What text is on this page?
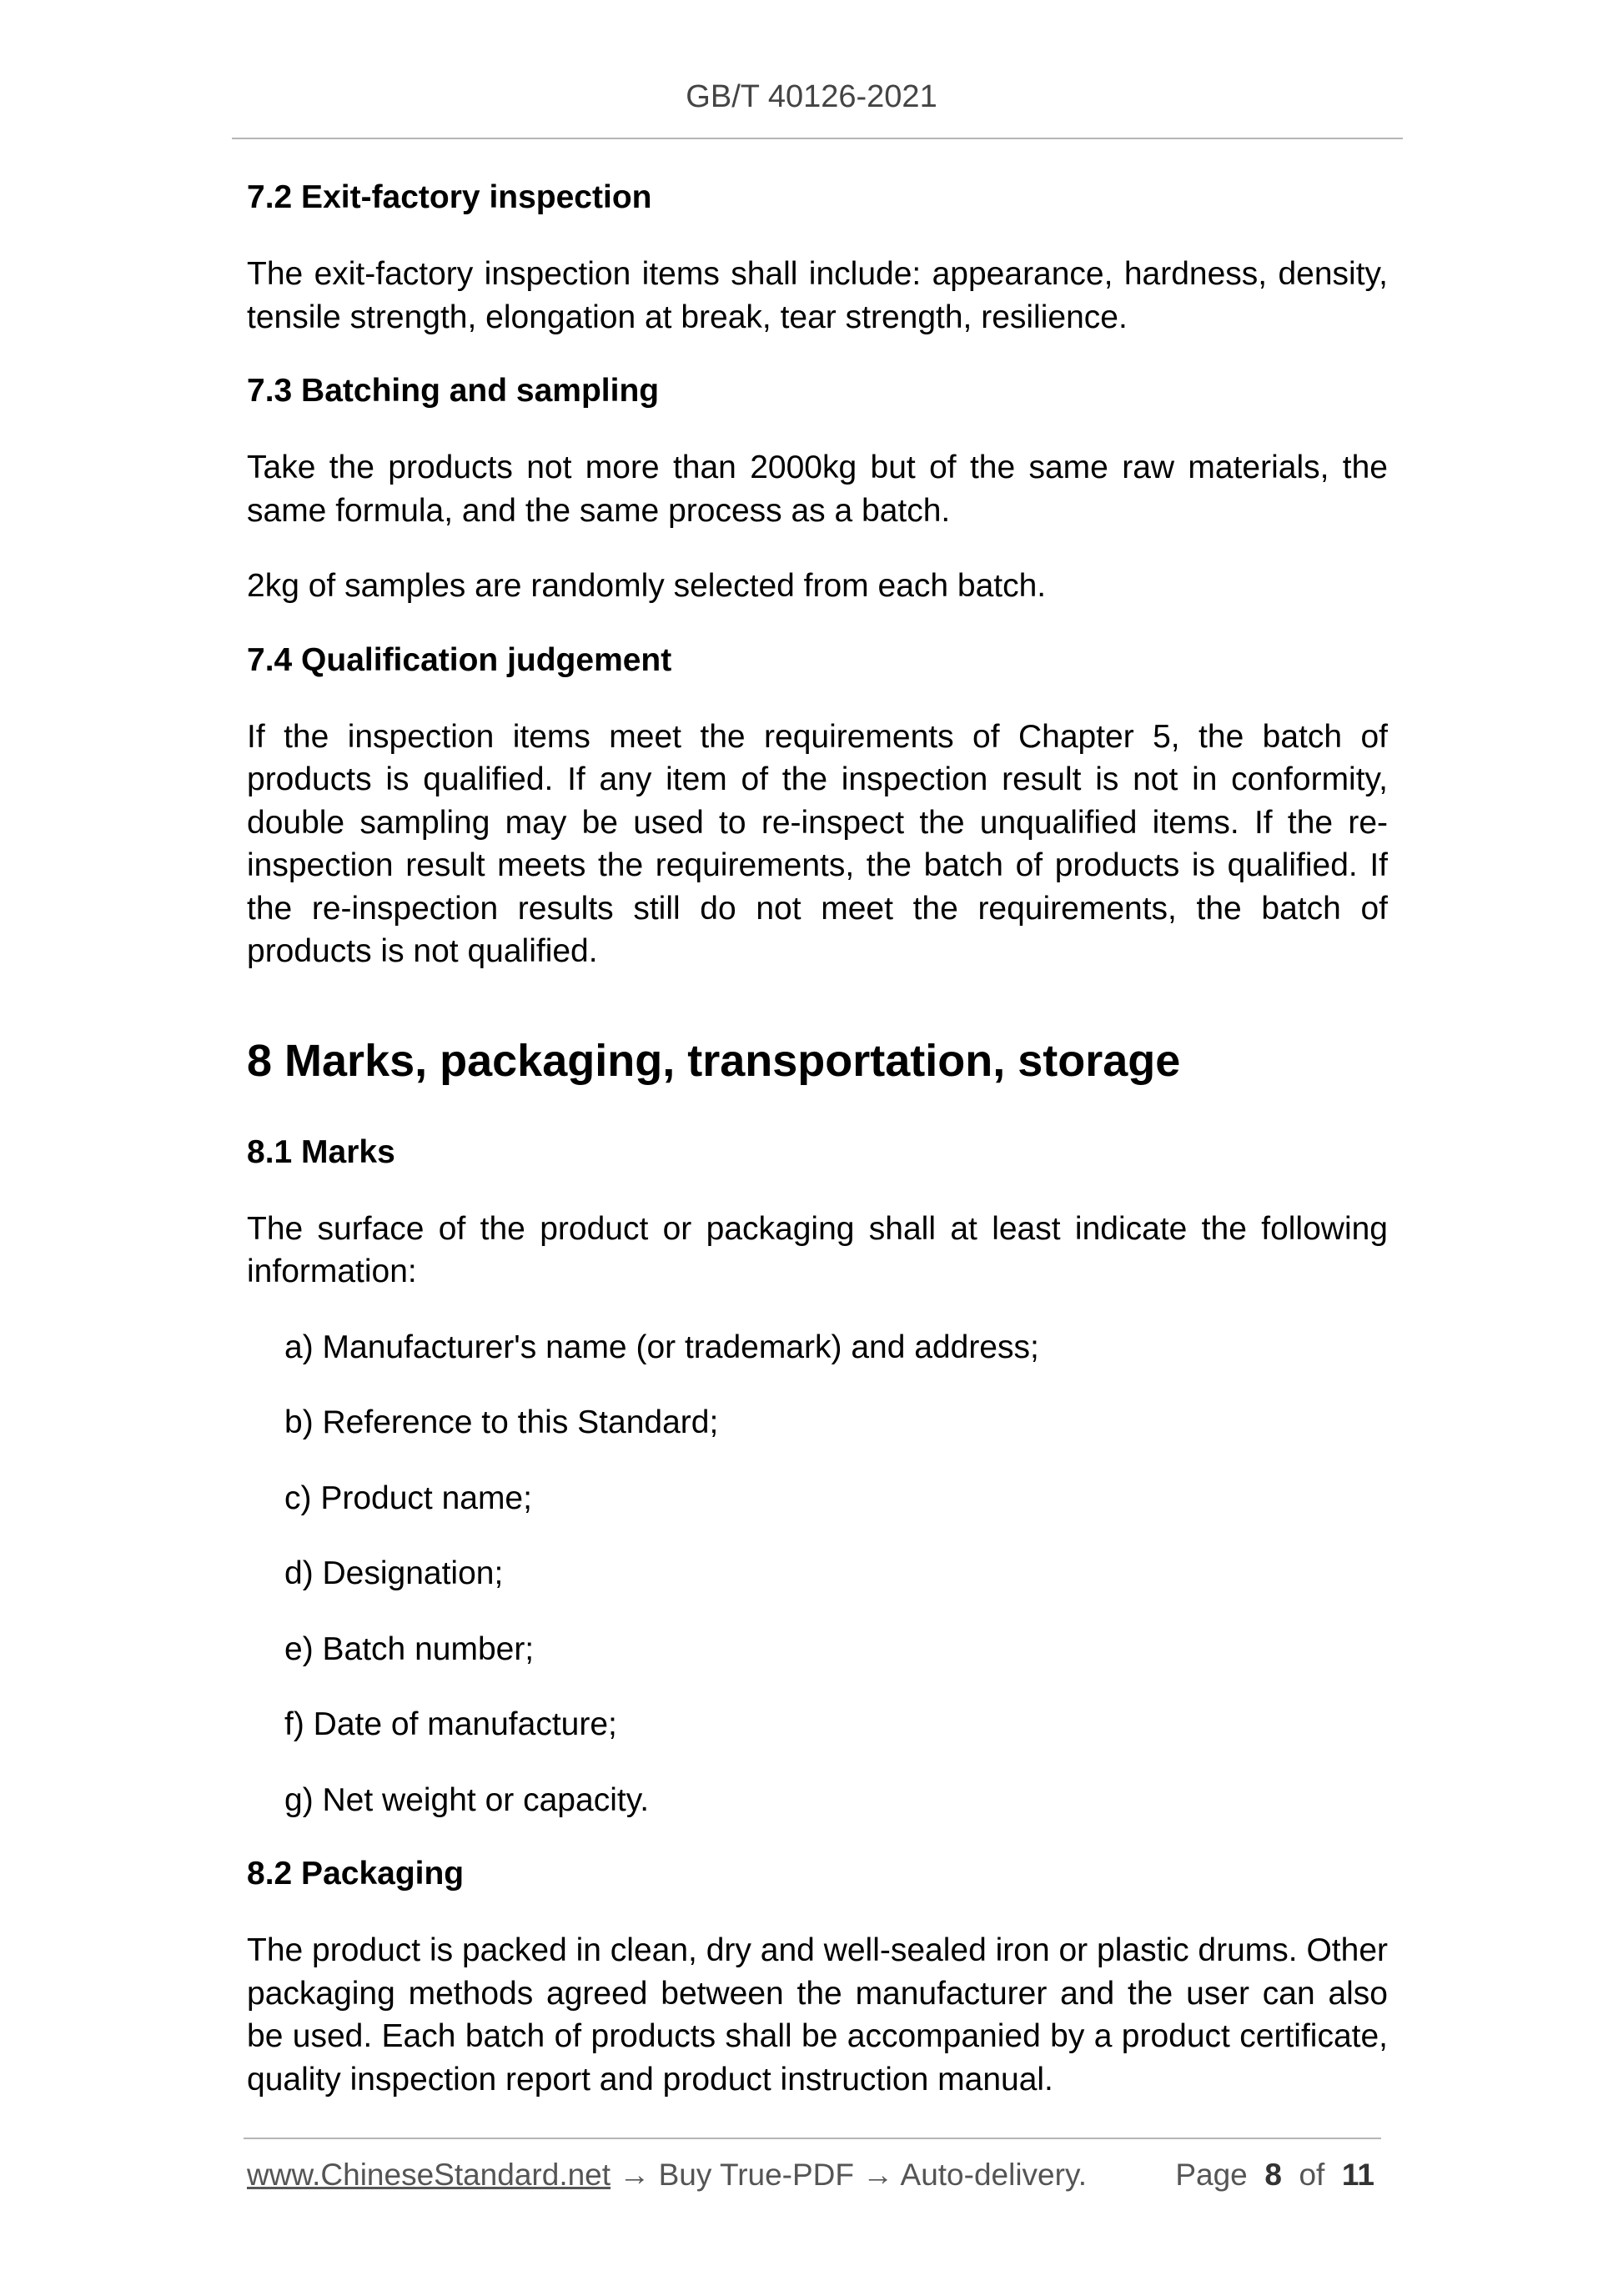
GB/T 40126-2021
7.2 Exit-factory inspection

The exit-factory inspection items shall include: appearance, hardness, density, tensile strength, elongation at break, tear strength, resilience.

7.3 Batching and sampling

Take the products not more than 2000kg but of the same raw materials, the same formula, and the same process as a batch.

2kg of samples are randomly selected from each batch.

7.4 Qualification judgement

If the inspection items meet the requirements of Chapter 5, the batch of products is qualified. If any item of the inspection result is not in conformity, double sampling may be used to re-inspect the unqualified items. If the re-inspection result meets the requirements, the batch of products is qualified. If the re-inspection results still do not meet the requirements, the batch of products is not qualified.

8 Marks, packaging, transportation, storage
8.1 Marks

The surface of the product or packaging shall at least indicate the following information:

a) Manufacturer's name (or trademark) and address;
b) Reference to this Standard;
c) Product name;
d) Designation;
e) Batch number;
f) Date of manufacture;
g) Net weight or capacity.
8.2 Packaging

The product is packed in clean, dry and well-sealed iron or plastic drums. Other packaging methods agreed between the manufacturer and the user can also be used. Each batch of products shall be accompanied by a product certificate, quality inspection report and product instruction manual.

www.ChineseStandard.net → Buy True-PDF → Auto-delivery.	Page 8 of 11
